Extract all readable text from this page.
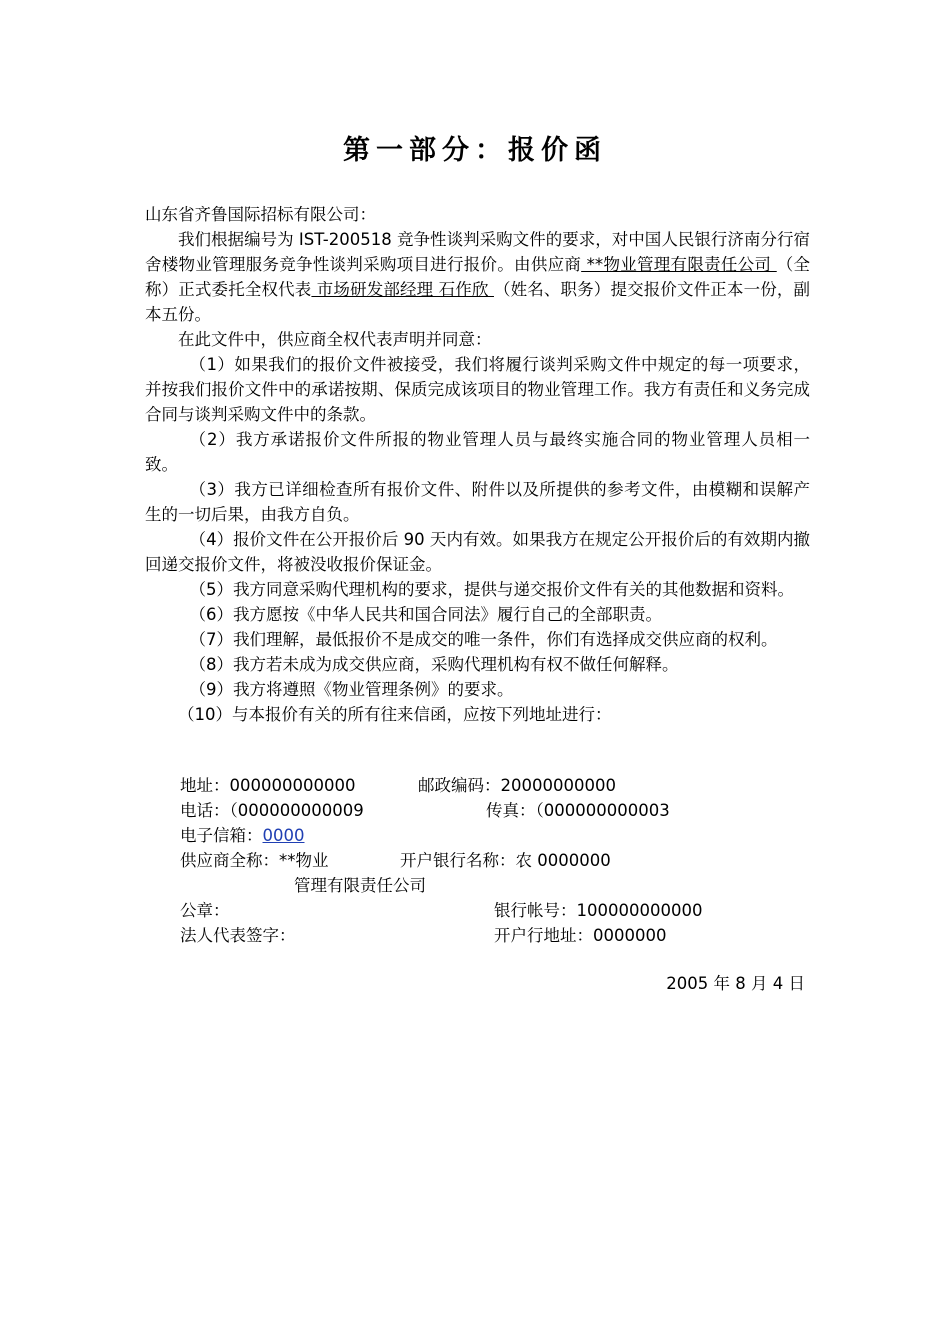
第一部分：报价函

山东省齐鲁国际招标有限公司：

我们根据编号为 IST-200518 竞争性谈判采购文件的要求，对中国人民银行济南分行宿舍楼物业管理服务竞争性谈判采购项目进行报价。由供应商 **物业管理有限责任公司 （全称）正式委托全权代表 市场研发部经理 石作欣 （姓名、职务）提交报价文件正本一份，副本五份。

在此文件中，供应商全权代表声明并同意：

（1）如果我们的报价文件被接受，我们将履行谈判采购文件中规定的每一项要求，并按我们报价文件中的承诺按期、保质完成该项目的物业管理工作。我方有责任和义务完成合同与谈判采购文件中的条款。

（2）我方承诺报价文件所报的物业管理人员与最终实施合同的物业管理人员相一致。

（3）我方已详细检查所有报价文件、附件以及所提供的参考文件，由模糊和误解产生的一切后果，由我方自负。

（4）报价文件在公开报价后 90 天内有效。如果我方在规定公开报价后的有效期内撤回递交报价文件，将被没收报价保证金。

（5）我方同意采购代理机构的要求，提供与递交报价文件有关的其他数据和资料。

（6）我方愿按《中华人民共和国合同法》履行自己的全部职责。

（7）我们理解，最低报价不是成交的唯一条件，你们有选择成交供应商的权利。

（8）我方若未成为成交供应商，采购代理机构有权不做任何解释。

（9）我方将遵照《物业管理条例》的要求。

（10）与本报价有关的所有往来信函，应按下列地址进行：

地址：000000000000	邮政编码：20000000000
电话：（000000000009	传真：（000000000003
电子信箱：0000
供应商全称：**物业	开户银行名称：农 0000000
管理有限责任公司
公章：	银行帐号：100000000000
法人代表签字：	开户行地址：0000000
2005 年 8 月 4 日
